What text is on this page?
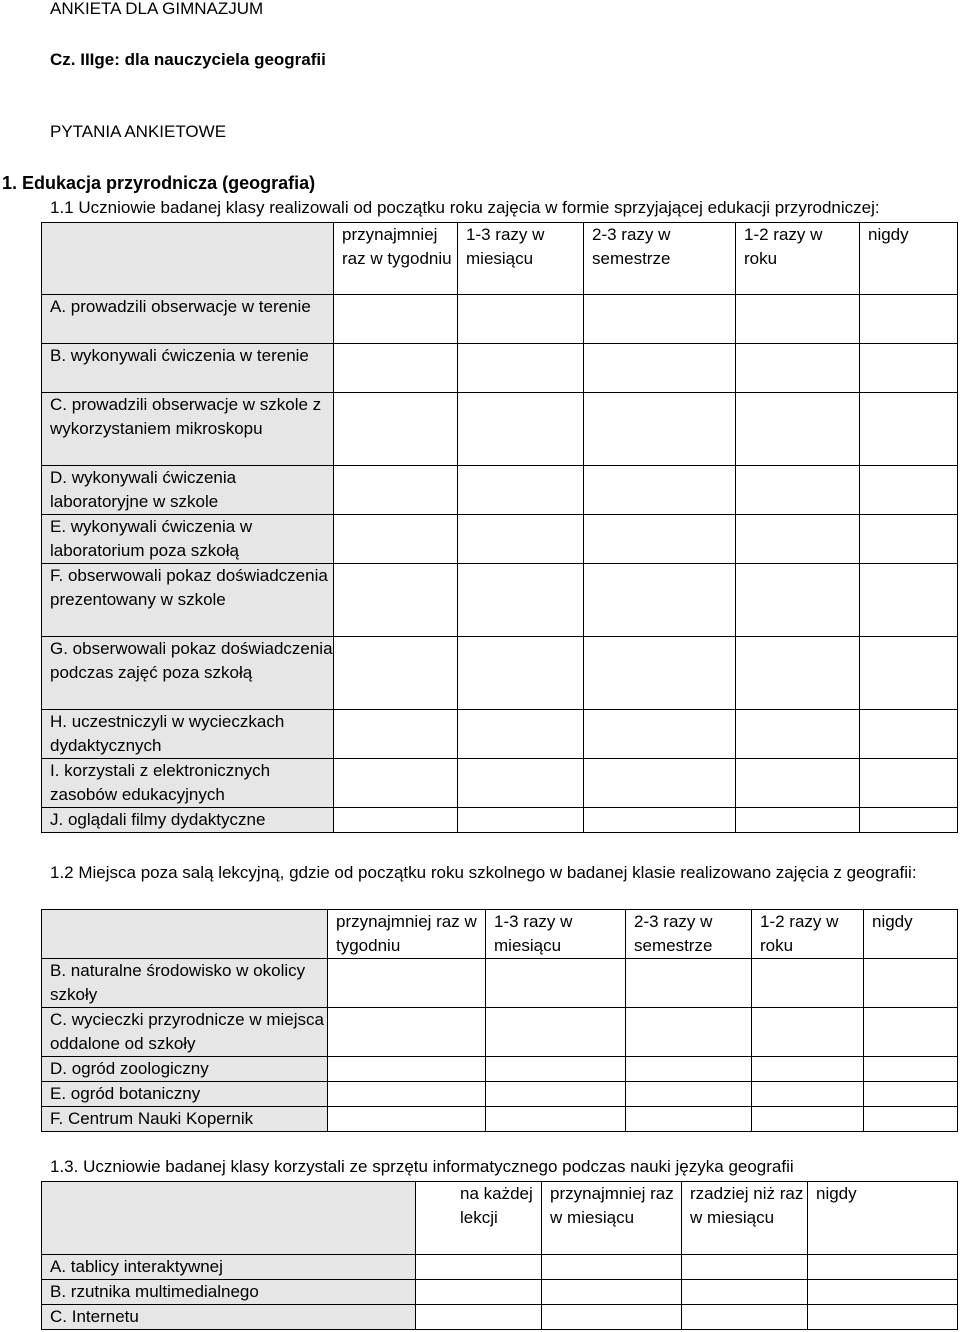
ANKIETA DLA GIMNAZJUM
Cz. IIIge: dla nauczyciela geografii
PYTANIA ANKIETOWE
1. Edukacja przyrodnicza (geografia)
1.1 Uczniowie badanej klasy realizowali od początku roku zajęcia w formie sprzyjającej edukacji przyrodniczej:
	przynajmniej raz w tygodniu	1-3 razy w miesiącu	2-3 razy w semestrze	1-2 razy w roku	nigdy
A. prowadzili obserwacje w terenie					
B. wykonywali ćwiczenia w terenie					
C. prowadzili obserwacje w szkole z wykorzystaniem mikroskopu					
D. wykonywali ćwiczenia laboratoryjne w szkole					
E. wykonywali ćwiczenia w laboratorium poza szkołą					
F. obserwowali pokaz doświadczenia prezentowany w szkole					
G. obserwowali pokaz doświadczenia podczas zajęć poza szkołą					
H. uczestniczyli w wycieczkach dydaktycznych					
I. korzystali z elektronicznych zasobów edukacyjnych					
J. oglądali filmy dydaktyczne					
1.2 Miejsca poza salą lekcyjną, gdzie od początku roku szkolnego w badanej klasie realizowano zajęcia z geografii:
	przynajmniej raz w tygodniu	1-3 razy w miesiącu	2-3 razy w semestrze	1-2 razy w roku	nigdy
B. naturalne środowisko w okolicy szkoły					
C. wycieczki przyrodnicze w miejsca oddalone od szkoły					
D. ogród zoologiczny					
E. ogród botaniczny					
F. Centrum Nauki Kopernik					
1.3. Uczniowie badanej klasy korzystali ze sprzętu informatycznego podczas nauki języka geografii
	na każdej lekcji	przynajmniej raz w miesiącu	rzadziej niż raz w miesiącu	nigdy
A. tablicy interaktywnej				
B. rzutnika multimedialnego				
C. Internetu				
